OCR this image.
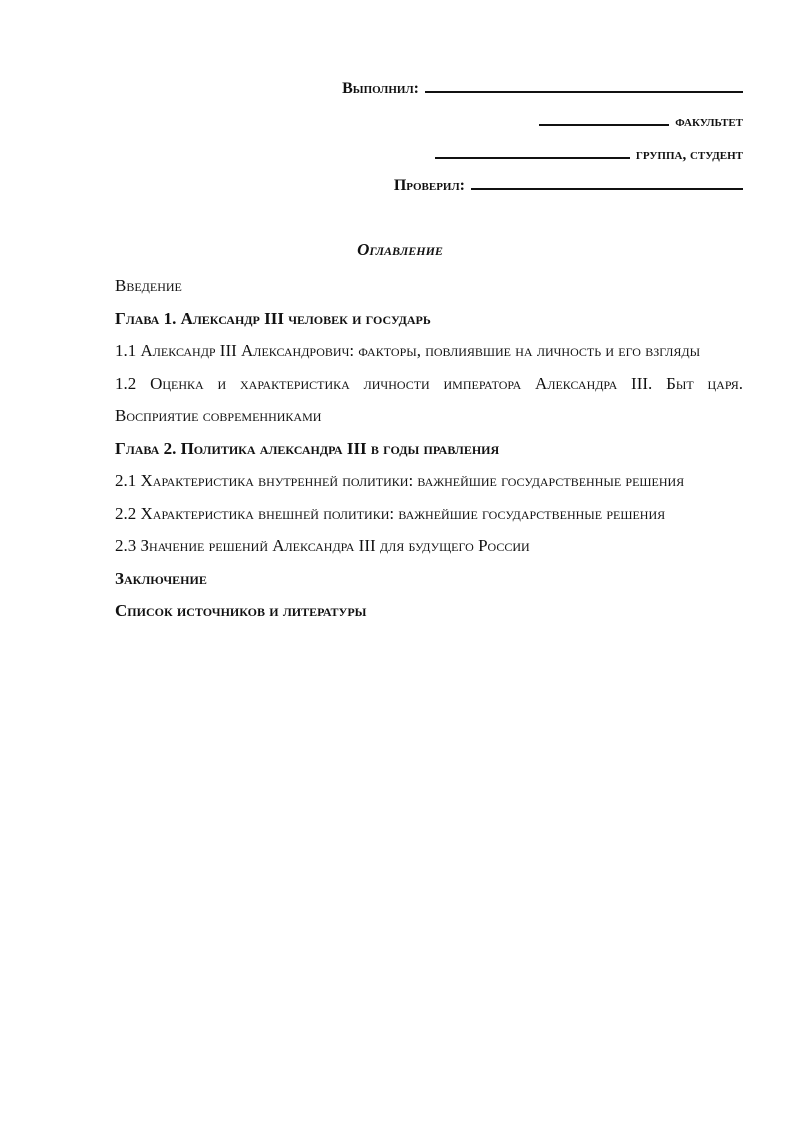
Выполнил:
факультет
группа, студент
Проверил:
Оглавление

Введение

Глава 1. Александр III человек и государь

1.1 Александр III Александрович: факторы, повлиявшие на личность и его взгляды

1.2 Оценка и характеристика личности императора Александра III. Быт царя. Восприятие современниками

Глава 2. Политика александра III в годы правления

2.1 Характеристика внутренней политики: важнейшие государственные решения

2.2 Характеристика внешней политики: важнейшие государственные решения

2.3 Значение решений Александра III для будущего России

Заключение

Список источников и литературы
